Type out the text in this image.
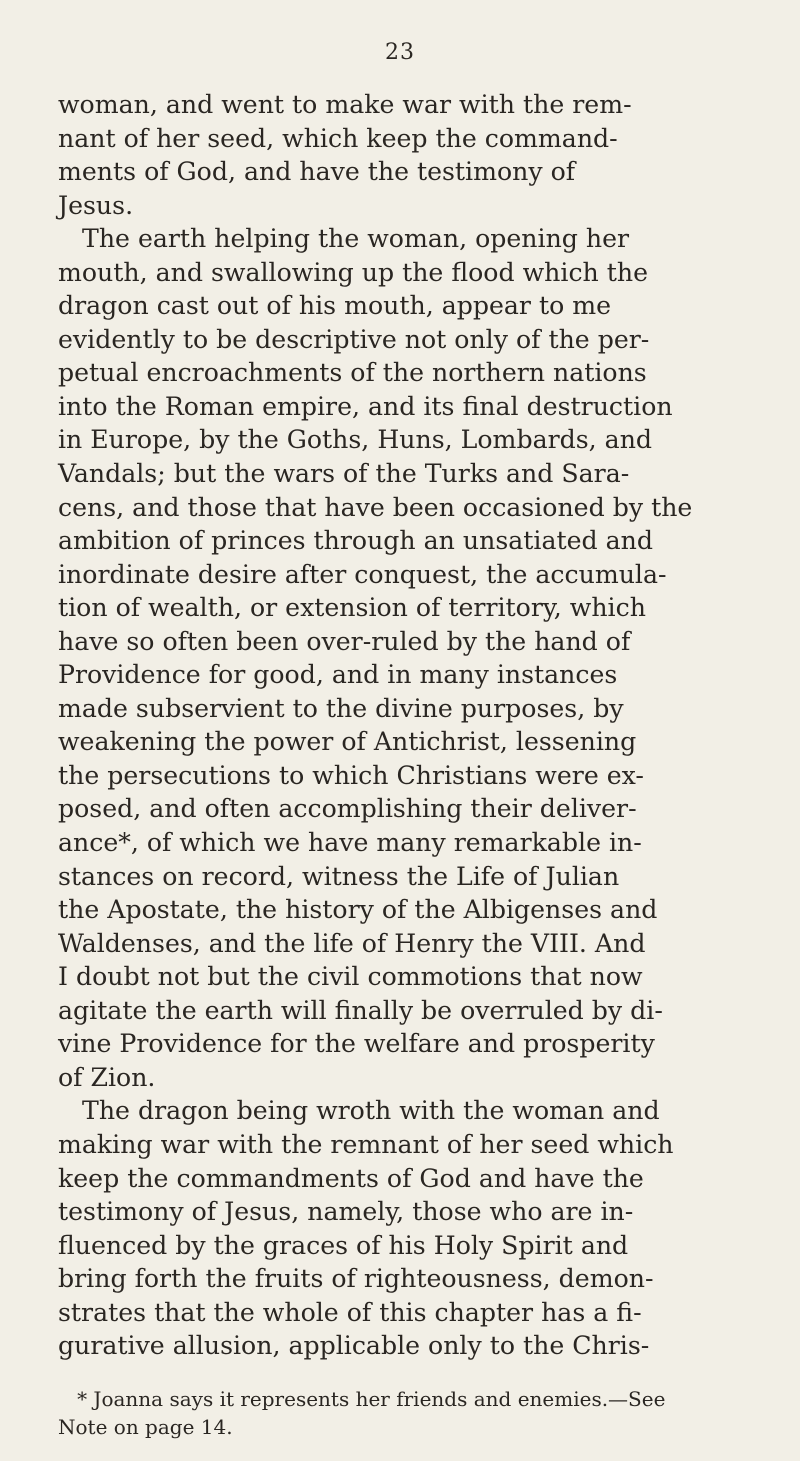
23
woman, and went to make war with the rem-
nant of her seed, which keep the command-
ments of God, and have the testimony of
Jesus.
The earth helping the woman, opening her
mouth, and swallowing up the flood which the
dragon cast out of his mouth, appear to me
evidently to be descriptive not only of the per-
petual encroachments of the northern nations
into the Roman empire, and its final destruction
in Europe, by the Goths, Huns, Lombards, and
Vandals; but the wars of the Turks and Sara-
cens, and those that have been occasioned by the
ambition of princes through an unsatiated and
inordinate desire after conquest, the accumula-
tion of wealth, or extension of territory, which
have so often been over-ruled by the hand of
Providence for good, and in many instances
made subservient to the divine purposes, by
weakening the power of Antichrist, lessening
the persecutions to which Christians were ex-
posed, and often accomplishing their deliver-
ance*, of which we have many remarkable in-
stances on record, witness the Life of Julian
the Apostate, the history of the Albigenses and
Waldenses, and the life of Henry the VIII. And
I doubt not but the civil commotions that now
agitate the earth will finally be overruled by di-
vine Providence for the welfare and prosperity
of Zion.
The dragon being wroth with the woman and
making war with the remnant of her seed which
keep the commandments of God and have the
testimony of Jesus, namely, those who are in-
fluenced by the graces of his Holy Spirit and
bring forth the fruits of righteousness, demon-
strates that the whole of this chapter has a fi-
gurative allusion, applicable only to the Chris-
* Joanna says it represents her friends and enemies.—See
Note on page 14.
